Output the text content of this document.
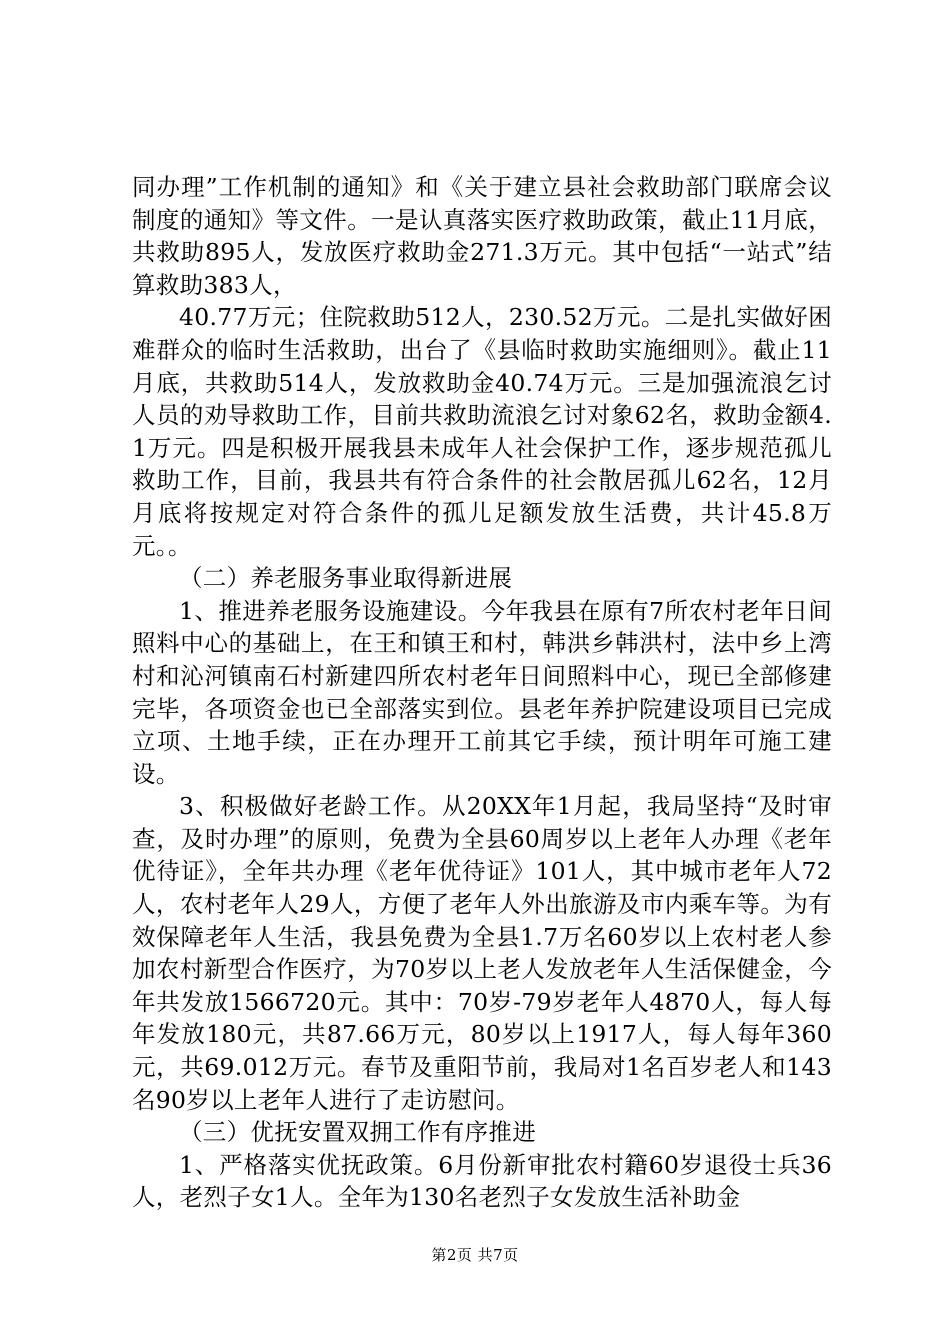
同办理”工作机制的通知》和《关于建立县社会救助部门联席会议制度的通知》等文件。一是认真落实医疗救助政策，截止11月底，共救助895人，发放医疗救助金271.3万元。其中包括“一站式”结算救助383人，

40.77万元；住院救助512人，230.52万元。二是扎实做好困难群众的临时生活救助，出台了《县临时救助实施细则》。截止11月底，共救助514人，发放救助金40.74万元。三是加强流浪乞讨人员的劝导救助工作，目前共救助流浪乞讨对象62名，救助金额4.1万元。四是积极开展我县未成年人社会保护工作，逐步规范孤儿救助工作，目前，我县共有符合条件的社会散居孤儿62名，12月月底将按规定对符合条件的孤儿足额发放生活费，共计45.8万元。。

（二）养老服务事业取得新进展

1、推进养老服务设施建设。今年我县在原有7所农村老年日间照料中心的基础上，在王和镇王和村，韩洪乡韩洪村，法中乡上湾村和沁河镇南石村新建四所农村老年日间照料中心，现已全部修建完毕，各项资金也已全部落实到位。县老年养护院建设项目已完成立项、土地手续，正在办理开工前其它手续，预计明年可施工建设。

3、积极做好老龄工作。从20XX年1月起，我局坚持“及时审查，及时办理”的原则，免费为全县60周岁以上老年人办理《老年优待证》，全年共办理《老年优待证》101人，其中城市老年人72人，农村老年人29人，方便了老年人外出旅游及市内乘车等。为有效保障老年人生活，我县免费为全县1.7万名60岁以上农村老人参加农村新型合作医疗，为70岁以上老人发放老年人生活保健金，今年共发放1566720元。其中：70岁-79岁老年人4870人，每人每年发放180元，共87.66万元，80岁以上1917人，每人每年360元，共69.012万元。春节及重阳节前，我局对1名百岁老人和143名90岁以上老年人进行了走访慰问。

（三）优抚安置双拥工作有序推进

1、严格落实优抚政策。6月份新审批农村籍60岁退役士兵36人，老烈子女1人。全年为130名老烈子女发放生活补助金

第2页 共7页
